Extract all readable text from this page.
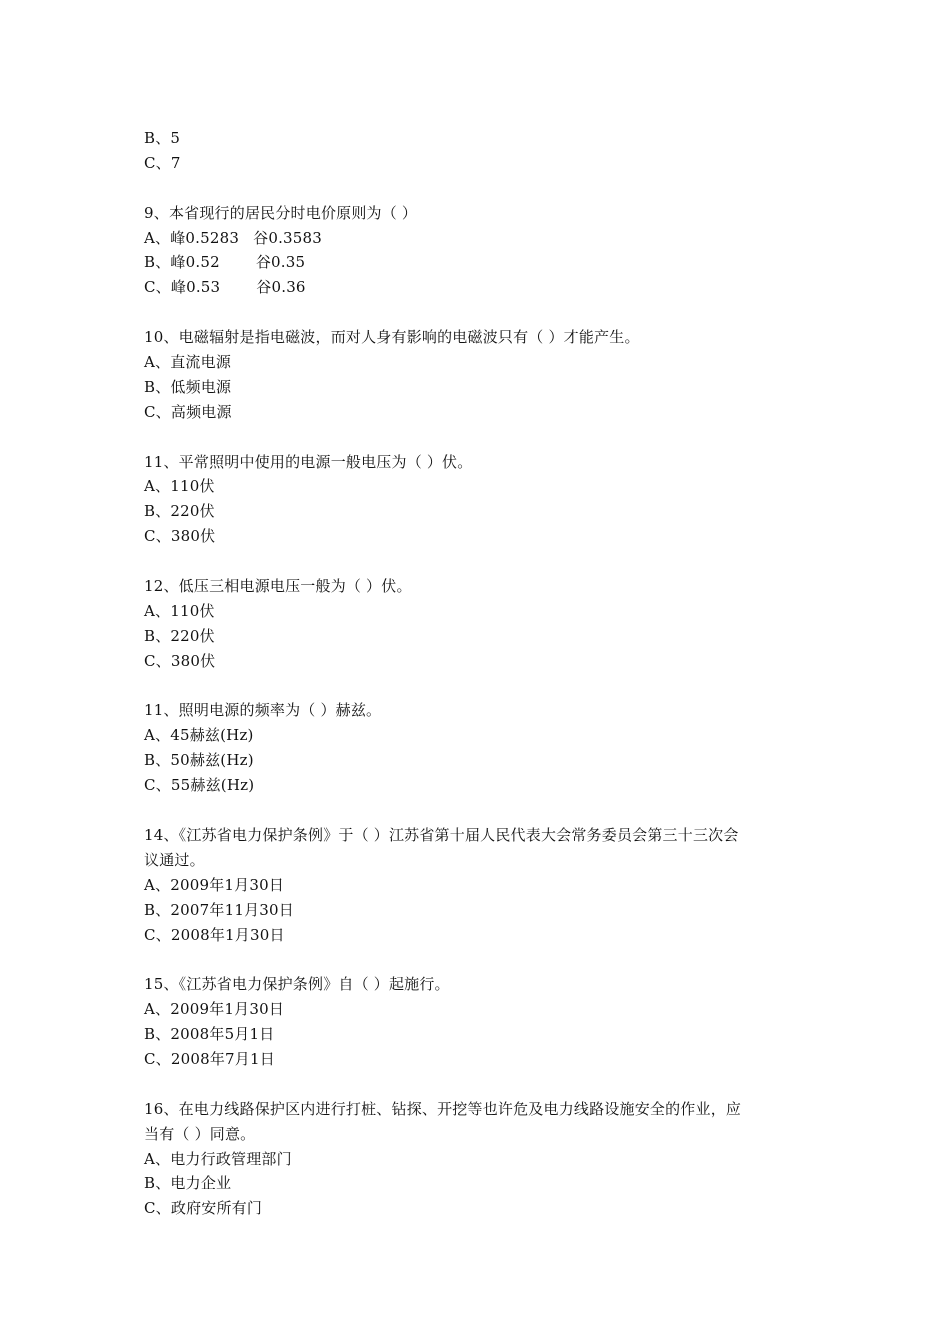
B、5
C、7
9、本省现行的居民分时电价原则为（ ）
A、峰0.5283 谷0.3583
B、峰0.52 谷0.35
C、峰0.53 谷0.36
10、电磁辐射是指电磁波，而对人身有影响的电磁波只有（ ）才能产生。
A、直流电源
B、低频电源
C、高频电源
11、平常照明中使用的电源一般电压为（ ）伏。
A、110伏
B、220伏
C、380伏
12、低压三相电源电压一般为（ ）伏。
A、110伏
B、220伏
C、380伏
11、照明电源的频率为（ ）赫兹。
A、45赫兹(Hz)
B、50赫兹(Hz)
C、55赫兹(Hz)
14、《江苏省电力保护条例》于（ ）江苏省第十届人民代表大会常务委员会第三十三次会
议通过。
A、2009年1月30日
B、2007年11月30日
C、2008年1月30日
15、《江苏省电力保护条例》自（ ）起施行。
A、2009年1月30日
B、2008年5月1日
C、2008年7月1日
16、在电力线路保护区内进行打桩、钻探、开挖等也许危及电力线路设施安全的作业，应
当有（ ）同意。
A、电力行政管理部门
B、电力企业
C、政府安所有门
